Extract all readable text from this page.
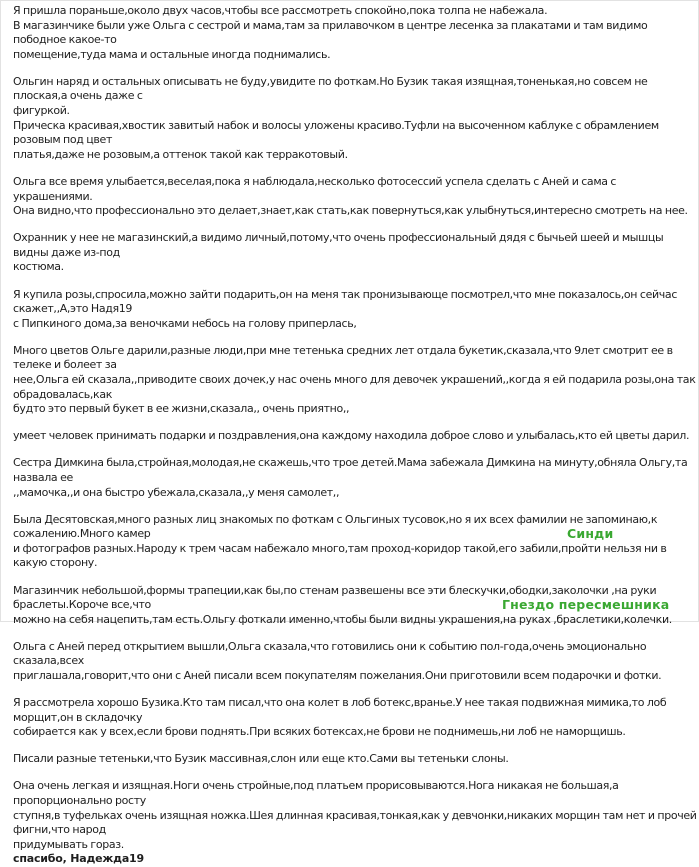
Я пришла пораньше,около двух часов,чтобы все рассмотреть спокойно,пока толпа не набежала.
В магазинчике были уже Ольга с сестрой и мама,там за прилавочком в центре лесенка за плакатами и там видимо пободное какое-то
помещение,туда мама и остальные иногда поднимались.

Ольгин наряд и остальных описывать не буду,увидите по фоткам.Но Бузик такая изящная,тоненькая,но совсем не плоская,а очень даже с
фигуркой.
Прическа красивая,хвостик завитый набок и волосы уложены красиво.Туфли на высоченном каблуке с обрамлением розовым под цвет
платья,даже не розовым,а оттенок такой как терракотовый.

Ольга все время улыбается,веселая,пока я наблюдала,несколько фотосессий успела сделать с Аней и сама с украшениями.
Она видно,что профессионально это делает,знает,как стать,как повернуться,как улыбнуться,интересно смотреть на нее.

Охранник у нее не магазинский,а видимо личный,потому,что очень профессиональный дядя с бычьей шеей и мышцы видны даже из-под
костюма.

Я купила розы,спросила,можно зайти подарить,он на меня так пронизывающе посмотрел,что мне показалось,он сейчас скажет,,А,это Надя19
с Пипкиного дома,за веночками небось на голову приперлась,

Много цветов Ольге дарили,разные люди,при мне тетенька средних лет отдала букетик,сказала,что 9лет смотрит ее в телеке и болеет за
нее,Ольга ей сказала,,приводите своих дочек,у нас очень много для девочек украшений,,когда я ей подарила розы,она так обрадовалась,как
будто это первый букет в ее жизни,сказала,, очень приятно,,

умеет человек принимать подарки и поздравления,она каждому находила доброе слово и улыбалась,кто ей цветы дарил.

Сестра Димкина была,стройная,молодая,не скажешь,что трое детей.Мама забежала Димкина на минуту,обняла Ольгу,та назвала ее
,,мамочка,,и она быстро убежала,сказала,,у меня самолет,,

Была Десятовская,много разных лиц знакомых по фоткам с Ольгиных тусовок,но я их всех фамилии не запоминаю,к сожалению.Много камер
и фотографов разных.Народу к трем часам набежало много,там проход-коридор такой,его забили,пройти нельзя ни в какую сторону.

Магазинчик небольшой,формы трапеции,как бы,по стенам развешены все эти блескучки,ободки,заколочки ,на руки браслеты.Короче все,что
можно на себя нацепить,там есть.Ольгу фоткали именно,чтобы были видны украшения,на руках ,браслетики,колечки.

Ольга с Аней перед открытием вышли,Ольга сказала,что готовились они к событию пол-года,очень эмоционально сказала,всех
приглашала,говорит,что они с Аней писали всем покупателям пожелания.Они приготовили всем подарочки и фотки.

Я рассмотрела хорошо Бузика.Кто там писал,что она колет в лоб ботекс,вранье.У нее такая подвижная мимика,то лоб морщит,он в складочку
собирается как у всех,если брови поднять.При всяких ботексах,не брови не поднимешь,ни лоб не наморщишь.

Писали разные тетеньки,что Бузик массивная,слон или еще кто.Сами вы тетеньки слоны.

Она очень легкая и изящная.Ноги очень стройные,под платьем прорисовываются.Нога никакая не большая,а пропорционально росту
ступня,в туфельках очень изящная ножка.Шея длинная красивая,тонкая,как у девчонки,никаких морщин там нет и прочей фигни,что народ
придумывать гораз.

спасибо, Надежда19

Синди
Гнездо пересмешника
